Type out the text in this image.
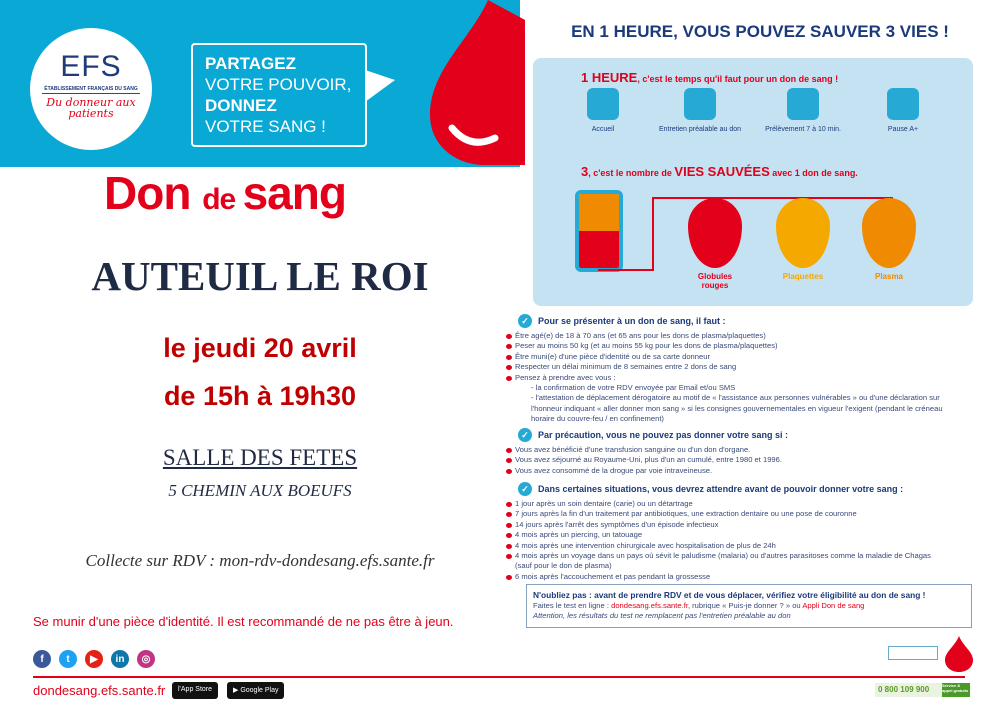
EFS
ÉTABLISSEMENT FRANÇAIS DU SANG
Du donneur aux patients
PARTAGEZ
VOTRE POUVOIR,
DONNEZ
VOTRE SANG !
EN 1 HEURE, VOUS POUVEZ SAUVER 3 VIES !
1 HEURE, c'est le temps qu'il faut pour un don de sang !
Accueil	Entretien préalable au don	Prélèvement 7 à 10 min.	Pause A+
3, c'est le nombre de VIES SAUVÉES avec 1 don de sang.
Globules rouges
Plaquettes	Plasma
Don de sang
AUTEUIL LE ROI
le jeudi 20 avril
de 15h à 19h30
SALLE DES FETES
5 CHEMIN AUX BOEUFS
Collecte sur RDV : mon-rdv-dondesang.efs.sante.fr
Se munir d'une pièce d'identité. Il est recommandé de ne pas être à jeun.
f	t	▶	in	◎
dondesang.efs.sante.fr	l'App Store	▶ Google Play	0 800 109 900	Service & appel gratuits
✓	Pour se présenter à un don de sang, il faut :
Être agé(e) de 18 à 70 ans (et 65 ans pour les dons de plasma/plaquettes)
Peser au moins 50 kg (et au moins 55 kg pour les dons de plasma/plaquettes)
Être muni(e) d'une pièce d'identité ou de sa carte donneur
Respecter un délai minimum de 8 semaines entre 2 dons de sang
Pensez à prendre avec vous :
- la confirmation de votre RDV envoyée par Email et/ou SMS
- l'attestation de déplacement dérogatoire au motif de « l'assistance aux personnes vulnérables » ou d'une déclaration sur l'honneur indiquant « aller donner mon sang » si les consignes gouvernementales en vigueur l'exigent (pendant le créneau horaire du couvre-feu / en confinement)
✓	Par précaution, vous ne pouvez pas donner votre sang si :
Vous avez bénéficié d'une transfusion sanguine ou d'un don d'organe.
Vous avez séjourné au Royaume-Uni, plus d'un an cumulé, entre 1980 et 1996.
Vous avez consommé de la drogue par voie intraveineuse.
✓	Dans certaines situations, vous devrez attendre avant de pouvoir donner votre sang :
1 jour après un soin dentaire (carie) ou un détartrage
7 jours après la fin d'un traitement par antibiotiques, une extraction dentaire ou une pose de couronne
14 jours après l'arrêt des symptômes d'un épisode infectieux
4 mois après un piercing, un tatouage
4 mois après une intervention chirurgicale avec hospitalisation de plus de 24h
4 mois après un voyage dans un pays où sévit le paludisme (malaria) ou d'autres parasitoses comme la maladie de Chagas (sauf pour le don de plasma)
6 mois après l'accouchement et pas pendant la grossesse
N'oubliez pas : avant de prendre RDV et de vous déplacer, vérifiez votre éligibilité au don de sang !
Faites le test en ligne : dondesang.efs.sante.fr, rubrique « Puis-je donner ? » ou Appli Don de sang
Attention, les résultats du test ne remplacent pas l'entretien préalable au don
